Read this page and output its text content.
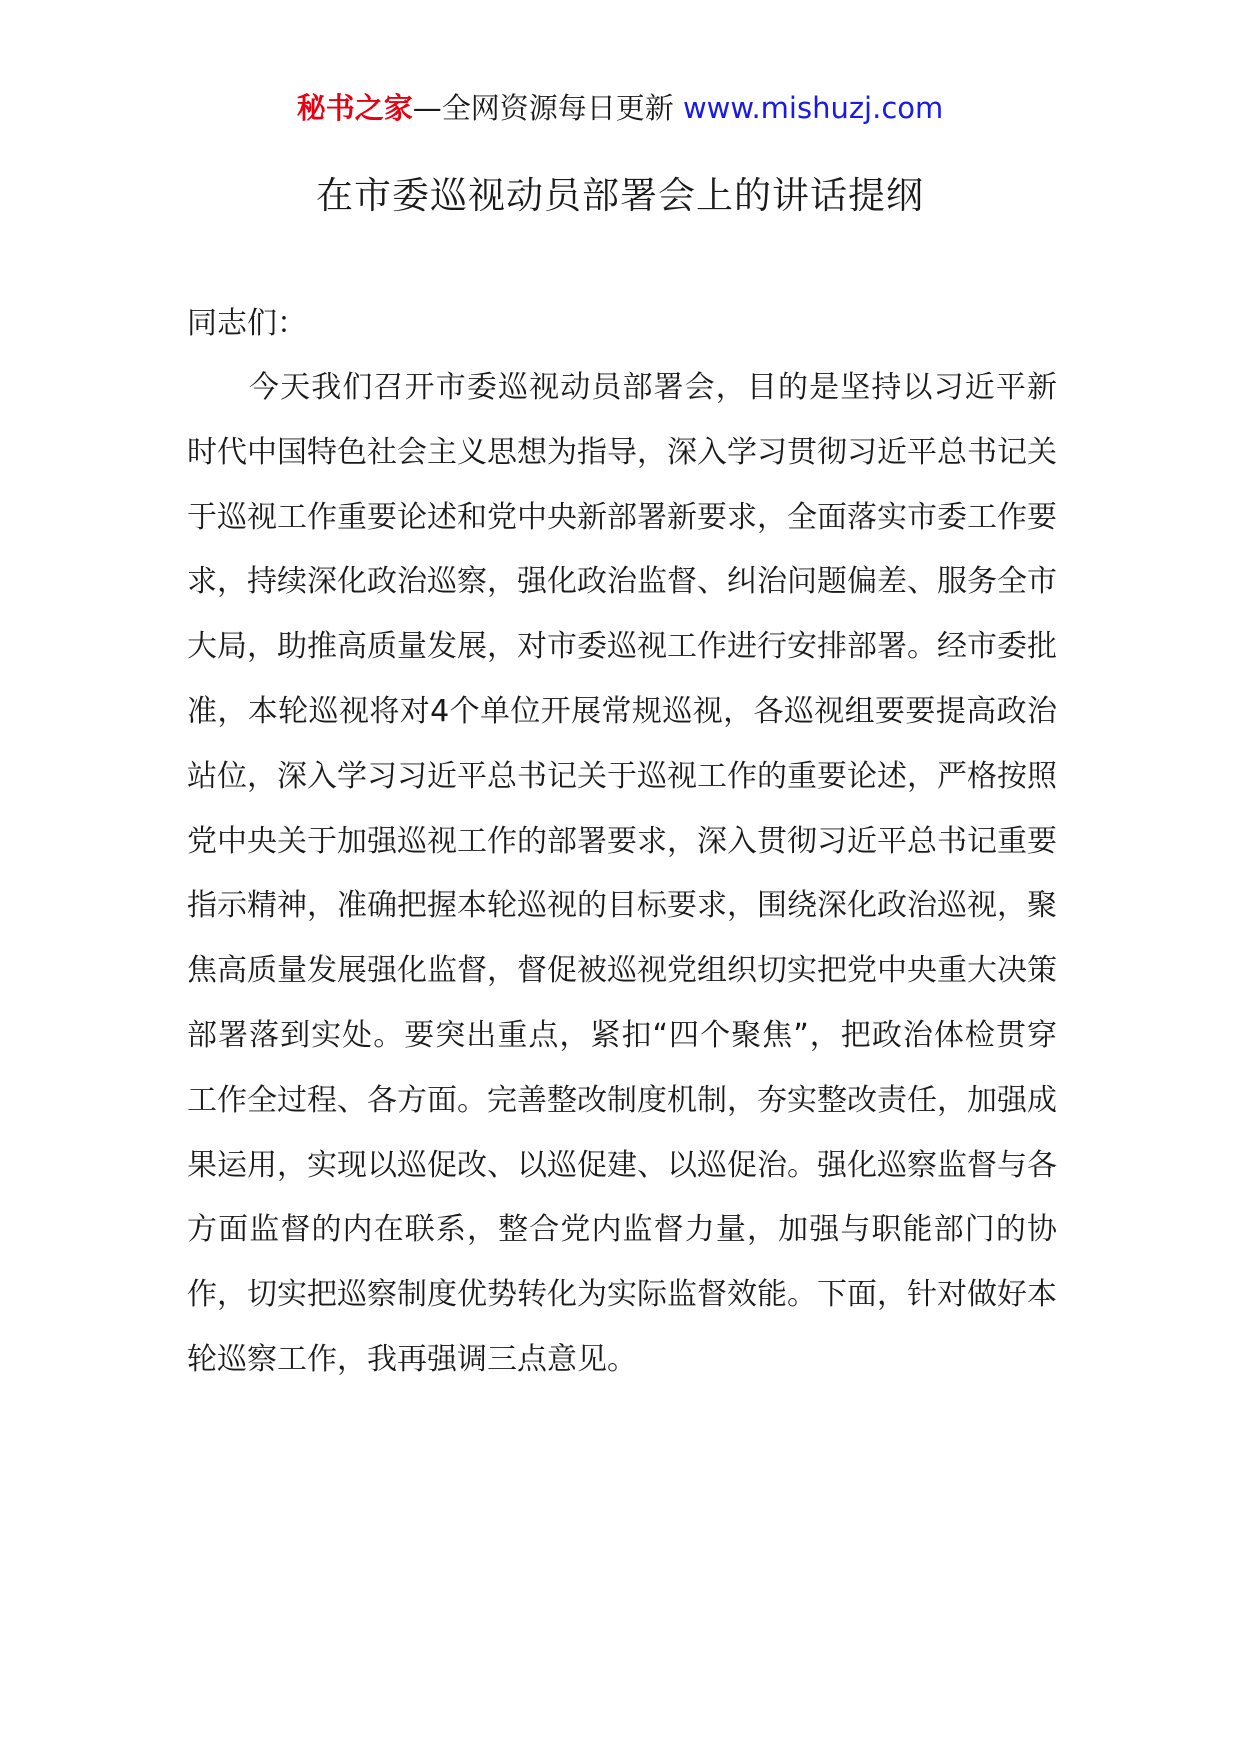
秘书之家—全网资源每日更新 www.mishuzj.com
在市委巡视动员部署会上的讲话提纲

同志们：

今天我们召开市委巡视动员部署会，目的是坚持以习近平新时代中国特色社会主义思想为指导，深入学习贯彻习近平总书记关于巡视工作重要论述和党中央新部署新要求，全面落实市委工作要求，持续深化政治巡察，强化政治监督、纠治问题偏差、服务全市大局，助推高质量发展，对市委巡视工作进行安排部署。经市委批准，本轮巡视将对4个单位开展常规巡视，各巡视组要要提高政治站位，深入学习习近平总书记关于巡视工作的重要论述，严格按照党中央关于加强巡视工作的部署要求，深入贯彻习近平总书记重要指示精神，准确把握本轮巡视的目标要求，围绕深化政治巡视，聚焦高质量发展强化监督，督促被巡视党组织切实把党中央重大决策部署落到实处。要突出重点，紧扣“四个聚焦”，把政治体检贯穿工作全过程、各方面。完善整改制度机制，夯实整改责任，加强成果运用，实现以巡促改、以巡促建、以巡促治。强化巡察监督与各方面监督的内在联系，整合党内监督力量，加强与职能部门的协作，切实把巡察制度优势转化为实际监督效能。下面，针对做好本轮巡察工作，我再强调三点意见。
